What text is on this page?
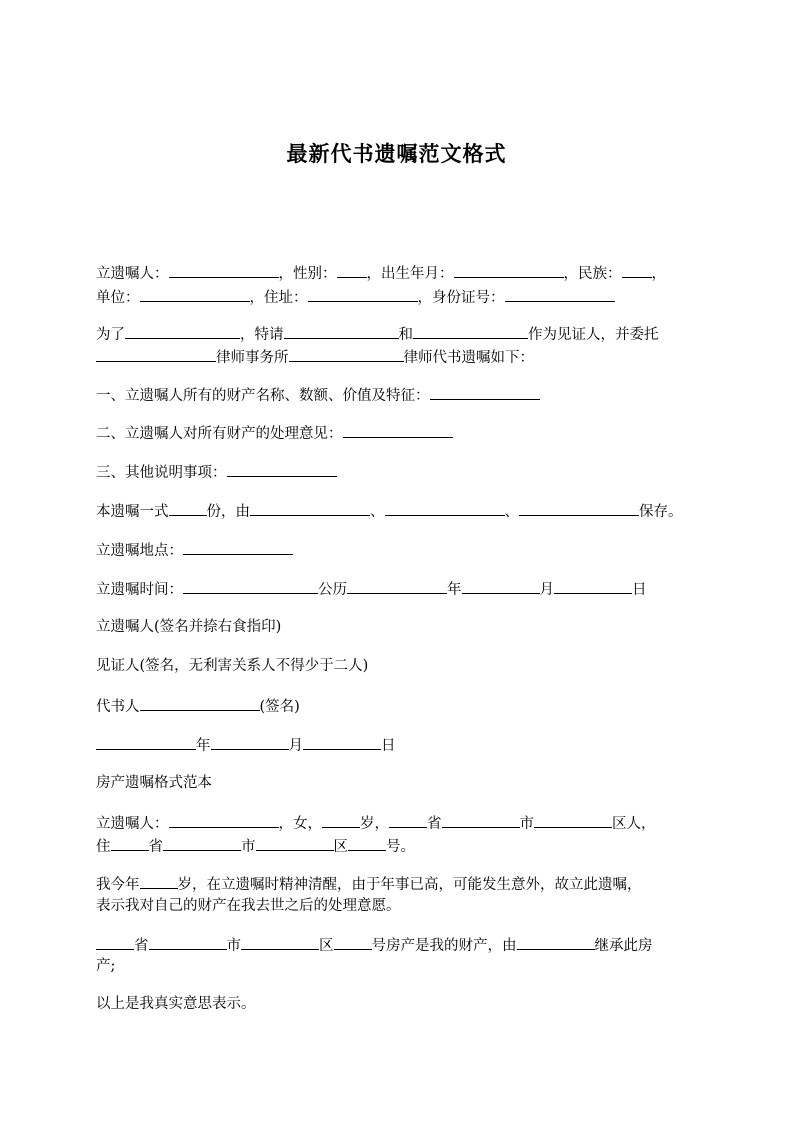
最新代书遗嘱范文格式
立遗嘱人：	，性别： ，出生年月：	，民族： ，
单位：	，住址：	，身份证号：
为了	，特请	和	作为见证人，并委托
律师事务所	律师代书遗嘱如下：
一、立遗嘱人所有的财产名称、数额、价值及特征：
二、立遗嘱人对所有财产的处理意见：
三、其他说明事项：
本遗嘱一式	份，由	、	、	保存。
立遗嘱地点：
立遗嘱时间：	公历	年	月	日
立遗嘱人(签名并捺右食指印)
见证人(签名，无利害关系人不得少于二人)
代书人	(签名)
年	月	日
房产遗嘱格式范本
立遗嘱人：	，女，	岁，	省	市	区人，
住	省	市	区	号。
我今年	岁，在立遗嘱时精神清醒，由于年事已高，可能发生意外，故立此遗嘱，
表示我对自己的财产在我去世之后的处理意愿。
省	市	区	号房产是我的财产，由	继承此房
产;
以上是我真实意思表示。
